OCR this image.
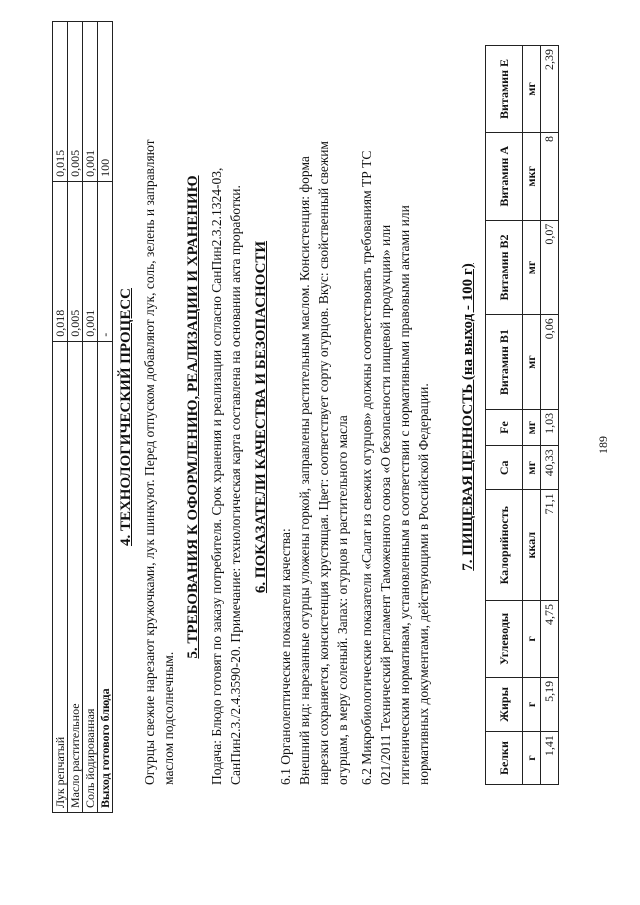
Лук репчатый	0,018	0,015
Масло растительное	0,005	0,005
Соль йодированная	0,001	0,001
Выход готового блюда	-	100
4. ТЕХНОЛОГИЧЕСКИЙ ПРОЦЕСС Огурцы свежие нарезают кружочками, лук шинкуют. Перед отпуском добавляют лук, соль, зелень и заправляют маслом подсолнечным.
5. ТРЕБОВАНИЯ К ОФОРМЛЕНИЮ, РЕАЛИЗАЦИИ И ХРАНЕНИЮ Подача: Блюдо готовят по заказу потребителя. Срок хранения и реализации согласно СанПин2.3.2.1324-03, СанПин2.3./2.4.3590-20. Примечание: технологическая карта составлена на основании акта проработки. 6. ПОКАЗАТЕЛИ КАЧЕСТВА И БЕЗОПАСНОСТИ
6.1 Органолептические показатели качества: Внешний вид: нарезанные огурцы уложены горкой, заправлены растительным маслом. Консистенция: форма нарезки сохраняется, консистенция хрустящая. Цвет: соответствует сорту огурцов. Вкус: свойственный свежим огурцам, в меру соленый. Запах: огурцов и растительного масла 6.2 Микробиологические показатели «Салат из свежих огурцов» должны соответствовать требованиям ТР ТС 021/2011 Технический регламент Таможенного союза «О безопасности пищевой продукции» или гигиеническим нормативам, установленным в соответствии с нормативными правовыми актами или нормативных документами, действующими в Российской Федерации. 7. ПИЩЕВАЯ ЦЕННОСТЬ (на выход - 100 г)
Белки	Жиры	Углеводы	Калорийность	Ca	Fe	Витамин В1	Витамин В2	Витамин А	Витамин Е
г	г	г	ккал	мг	мг	мг	мг	мкг	мг
1,41	5,19	4,75	71,1	40,33	1,03	0,06	0,07	8	2,39
189
